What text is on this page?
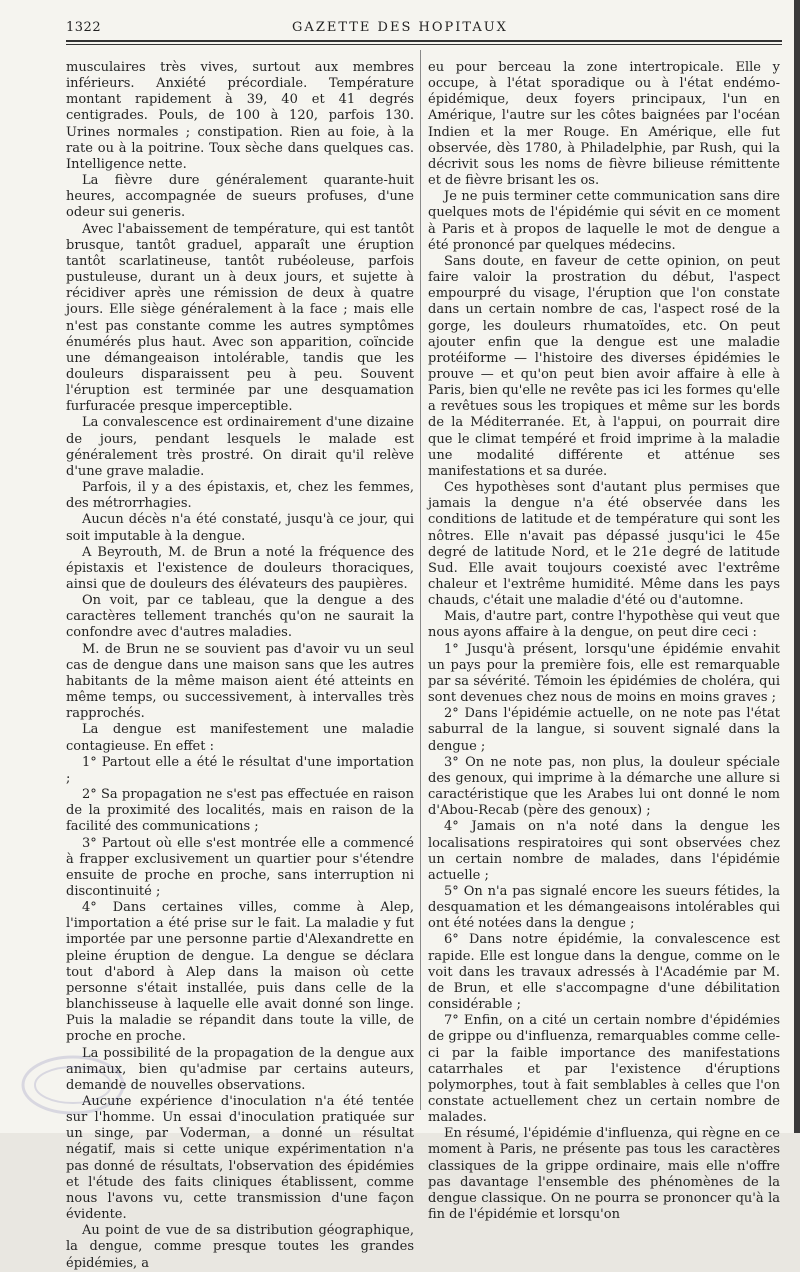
1322	GAZETTE DES HOPITAUX

musculaires très vives, surtout aux membres inférieurs. Anxiété précordiale. Température montant rapidement à 39, 40 et 41 degrés centigrades. Pouls, de 100 à 120, parfois 130. Urines normales ; constipation. Rien au foie, à la rate ou à la poitrine. Toux sèche dans quelques cas. Intelligence nette.

La fièvre dure généralement quarante-huit heures, accompagnée de sueurs profuses, d'une odeur sui generis.

Avec l'abaissement de température, qui est tantôt brusque, tantôt graduel, apparaît une éruption tantôt scarlatineuse, tantôt rubéoleuse, parfois pustuleuse, durant un à deux jours, et sujette à récidiver après une rémission de deux à quatre jours. Elle siège généralement à la face ; mais elle n'est pas constante comme les autres symptômes énumérés plus haut. Avec son apparition, coïncide une démangeaison intolérable, tandis que les douleurs disparaissent peu à peu. Souvent l'éruption est terminée par une desquamation furfuracée presque imperceptible.

La convalescence est ordinairement d'une dizaine de jours, pendant lesquels le malade est généralement très prostré. On dirait qu'il relève d'une grave maladie.

Parfois, il y a des épistaxis, et, chez les femmes, des métrorrhagies.

Aucun décès n'a été constaté, jusqu'à ce jour, qui soit imputable à la dengue.

A Beyrouth, M. de Brun a noté la fréquence des épistaxis et l'existence de douleurs thoraciques, ainsi que de douleurs des élévateurs des paupières.

On voit, par ce tableau, que la dengue a des caractères tellement tranchés qu'on ne saurait la confondre avec d'autres maladies.

M. de Brun ne se souvient pas d'avoir vu un seul cas de dengue dans une maison sans que les autres habitants de la même maison aient été atteints en même temps, ou successivement, à intervalles très rapprochés.

La dengue est manifestement une maladie contagieuse. En effet :

1° Partout elle a été le résultat d'une importation ;

2° Sa propagation ne s'est pas effectuée en raison de la proximité des localités, mais en raison de la facilité des communications ;

3° Partout où elle s'est montrée elle a commencé à frapper exclusivement un quartier pour s'étendre ensuite de proche en proche, sans interruption ni discontinuité ;

4° Dans certaines villes, comme à Alep, l'importation a été prise sur le fait. La maladie y fut importée par une personne partie d'Alexandrette en pleine éruption de dengue. La dengue se déclara tout d'abord à Alep dans la maison où cette personne s'était installée, puis dans celle de la blanchisseuse à laquelle elle avait donné son linge. Puis la maladie se répandit dans toute la ville, de proche en proche.

La possibilité de la propagation de la dengue aux animaux, bien qu'admise par certains auteurs, demande de nouvelles observations.

Aucune expérience d'inoculation n'a été tentée sur l'homme. Un essai d'inoculation pratiquée sur un singe, par Voderman, a donné un résultat négatif, mais si cette unique expérimentation n'a pas donné de résultats, l'observation des épidémies et l'étude des faits cliniques établissent, comme nous l'avons vu, cette transmission d'une façon évidente.

Au point de vue de sa distribution géographique, la dengue, comme presque toutes les grandes épidémies, a

eu pour berceau la zone intertropicale. Elle y occupe, à l'état sporadique ou à l'état endémo-épidémique, deux foyers principaux, l'un en Amérique, l'autre sur les côtes baignées par l'océan Indien et la mer Rouge. En Amérique, elle fut observée, dès 1780, à Philadelphie, par Rush, qui la décrivit sous les noms de fièvre bilieuse rémittente et de fièvre brisant les os.

Je ne puis terminer cette communication sans dire quelques mots de l'épidémie qui sévit en ce moment à Paris et à propos de laquelle le mot de dengue a été prononcé par quelques médecins.

Sans doute, en faveur de cette opinion, on peut faire valoir la prostration du début, l'aspect empourpré du visage, l'éruption que l'on constate dans un certain nombre de cas, l'aspect rosé de la gorge, les douleurs rhumatoïdes, etc. On peut ajouter enfin que la dengue est une maladie protéiforme — l'histoire des diverses épidémies le prouve — et qu'on peut bien avoir affaire à elle à Paris, bien qu'elle ne revête pas ici les formes qu'elle a revêtues sous les tropiques et même sur les bords de la Méditerranée. Et, à l'appui, on pourrait dire que le climat tempéré et froid imprime à la maladie une modalité différente et atténue ses manifestations et sa durée.

Ces hypothèses sont d'autant plus permises que jamais la dengue n'a été observée dans les conditions de latitude et de température qui sont les nôtres. Elle n'avait pas dépassé jusqu'ici le 45e degré de latitude Nord, et le 21e degré de latitude Sud. Elle avait toujours coexisté avec l'extrême chaleur et l'extrême humidité. Même dans les pays chauds, c'était une maladie d'été ou d'automne.

Mais, d'autre part, contre l'hypothèse qui veut que nous ayons affaire à la dengue, on peut dire ceci :

1° Jusqu'à présent, lorsqu'une épidémie envahit un pays pour la première fois, elle est remarquable par sa sévérité. Témoin les épidémies de choléra, qui sont devenues chez nous de moins en moins graves ;

2° Dans l'épidémie actuelle, on ne note pas l'état saburral de la langue, si souvent signalé dans la dengue ;

3° On ne note pas, non plus, la douleur spéciale des genoux, qui imprime à la démarche une allure si caractéristique que les Arabes lui ont donné le nom d'Abou-Recab (père des genoux) ;

4° Jamais on n'a noté dans la dengue les localisations respiratoires qui sont observées chez un certain nombre de malades, dans l'épidémie actuelle ;

5° On n'a pas signalé encore les sueurs fétides, la desquamation et les démangeaisons intolérables qui ont été notées dans la dengue ;

6° Dans notre épidémie, la convalescence est rapide. Elle est longue dans la dengue, comme on le voit dans les travaux adressés à l'Académie par M. de Brun, et elle s'accompagne d'une débilitation considérable ;

7° Enfin, on a cité un certain nombre d'épidémies de grippe ou d'influenza, remarquables comme celle-ci par la faible importance des manifestations catarrhales et par l'existence d'éruptions polymorphes, tout à fait semblables à celles que l'on constate actuellement chez un certain nombre de malades.

En résumé, l'épidémie d'influenza, qui règne en ce moment à Paris, ne présente pas tous les caractères classiques de la grippe ordinaire, mais elle n'offre pas davantage l'ensemble des phénomènes de la dengue classique. On ne pourra se prononcer qu'à la fin de l'épidémie et lorsqu'on
